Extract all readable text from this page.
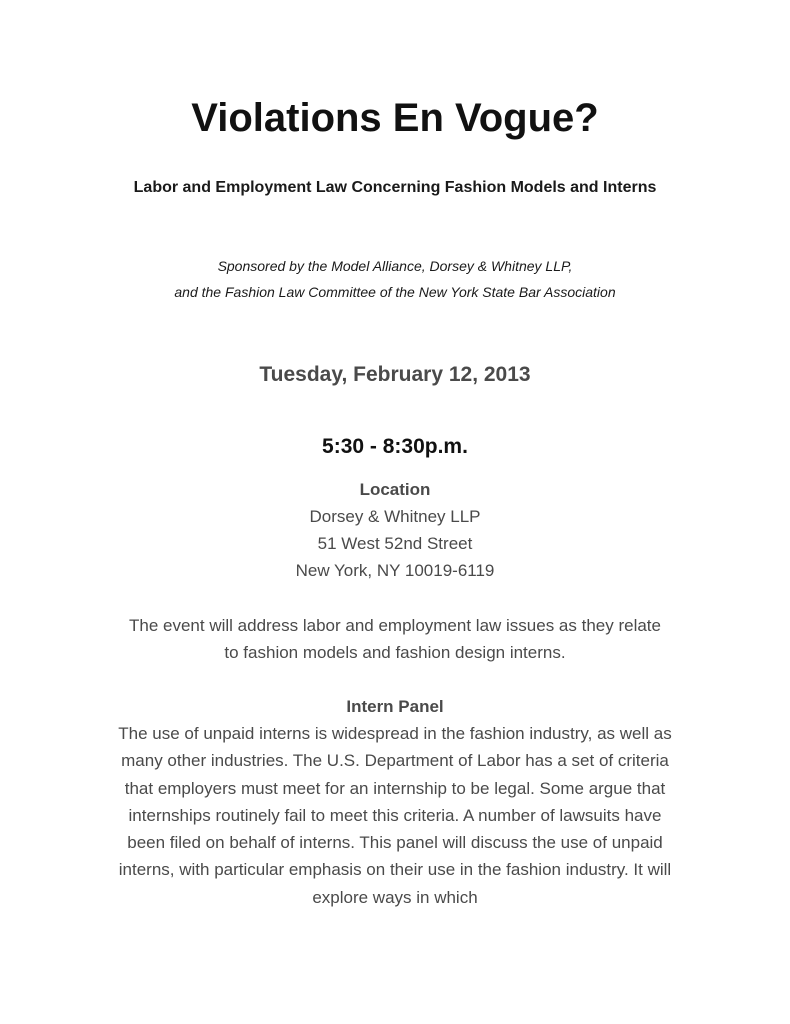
Violations En Vogue?

Labor and Employment Law Concerning Fashion Models and Interns

Sponsored by the Model Alliance, Dorsey & Whitney LLP,
and the Fashion Law Committee of the New York State Bar Association

Tuesday, February 12, 2013
5:30 - 8:30p.m.
Location
Dorsey & Whitney LLP
51 West 52nd Street
New York, NY 10019-6119

The event will address labor and employment law issues as they relate to fashion models and fashion design interns.

Intern Panel

The use of unpaid interns is widespread in the fashion industry, as well as many other industries. The U.S. Department of Labor has a set of criteria that employers must meet for an internship to be legal. Some argue that internships routinely fail to meet this criteria. A number of lawsuits have been filed on behalf of interns. This panel will discuss the use of unpaid interns, with particular emphasis on their use in the fashion industry. It will explore ways in which
